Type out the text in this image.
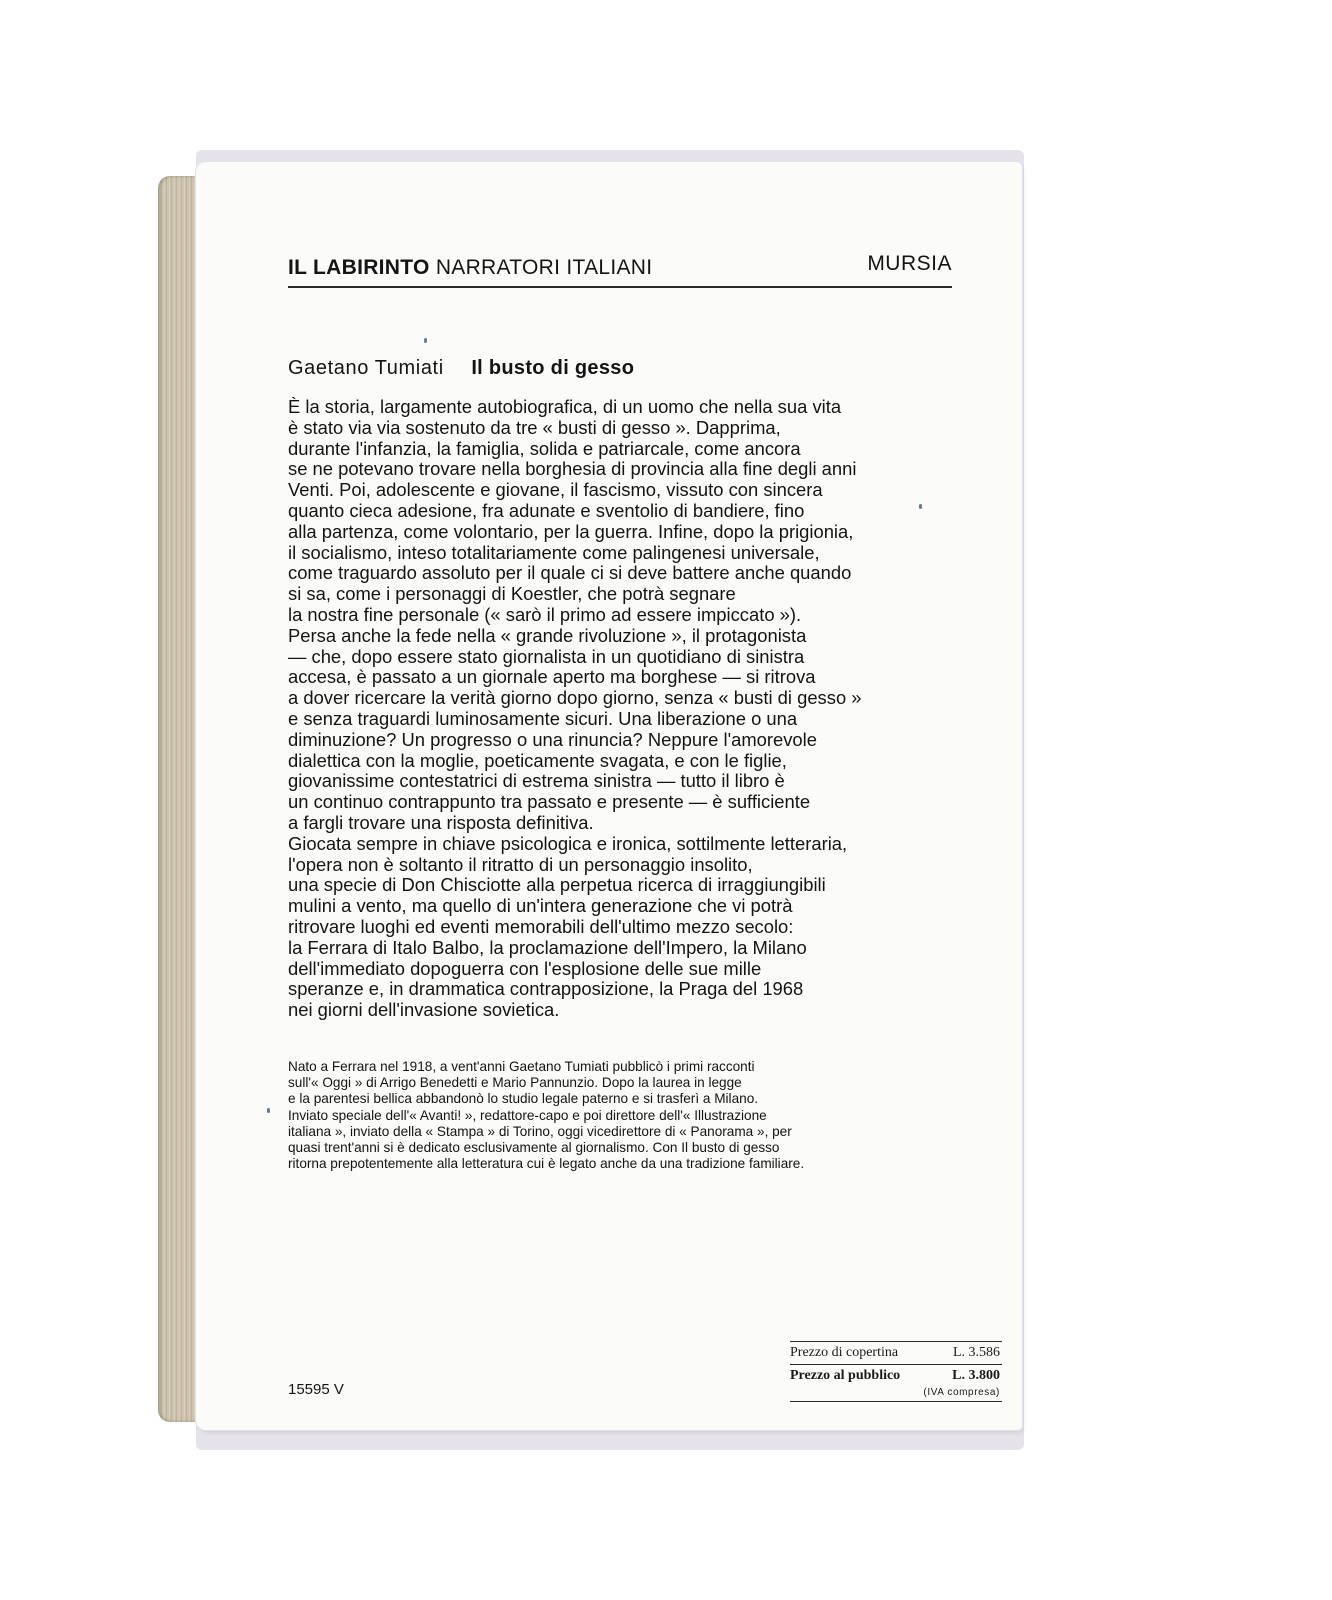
IL LABIRINTO NARRATORI ITALIANI	MURSIA
Gaetano Tumiati Il busto di gesso
È la storia, largamente autobiografica, di un uomo che nella sua vita
è stato via via sostenuto da tre « busti di gesso ». Dapprima,
durante l'infanzia, la famiglia, solida e patriarcale, come ancora
se ne potevano trovare nella borghesia di provincia alla fine degli anni
Venti. Poi, adolescente e giovane, il fascismo, vissuto con sincera
quanto cieca adesione, fra adunate e sventolio di bandiere, fino
alla partenza, come volontario, per la guerra. Infine, dopo la prigionia,
il socialismo, inteso totalitariamente come palingenesi universale,
come traguardo assoluto per il quale ci si deve battere anche quando
si sa, come i personaggi di Koestler, che potrà segnare
la nostra fine personale (« sarò il primo ad essere impiccato »).
Persa anche la fede nella « grande rivoluzione », il protagonista
— che, dopo essere stato giornalista in un quotidiano di sinistra
accesa, è passato a un giornale aperto ma borghese — si ritrova
a dover ricercare la verità giorno dopo giorno, senza « busti di gesso »
e senza traguardi luminosamente sicuri. Una liberazione o una
diminuzione? Un progresso o una rinuncia? Neppure l'amorevole
dialettica con la moglie, poeticamente svagata, e con le figlie,
giovanissime contestatrici di estrema sinistra — tutto il libro è
un continuo contrappunto tra passato e presente — è sufficiente
a fargli trovare una risposta definitiva.
Giocata sempre in chiave psicologica e ironica, sottilmente letteraria,
l'opera non è soltanto il ritratto di un personaggio insolito,
una specie di Don Chisciotte alla perpetua ricerca di irraggiungibili
mulini a vento, ma quello di un'intera generazione che vi potrà
ritrovare luoghi ed eventi memorabili dell'ultimo mezzo secolo:
la Ferrara di Italo Balbo, la proclamazione dell'Impero, la Milano
dell'immediato dopoguerra con l'esplosione delle sue mille
speranze e, in drammatica contrapposizione, la Praga del 1968
nei giorni dell'invasione sovietica.
Nato a Ferrara nel 1918, a vent'anni Gaetano Tumiati pubblicò i primi racconti
sull'« Oggi » di Arrigo Benedetti e Mario Pannunzio. Dopo la laurea in legge
e la parentesi bellica abbandonò lo studio legale paterno e si trasferì a Milano.
Inviato speciale dell'« Avanti! », redattore-capo e poi direttore dell'« Illustrazione
italiana », inviato della « Stampa » di Torino, oggi vicedirettore di « Panorama », per
quasi trent'anni si è dedicato esclusivamente al giornalismo. Con Il busto di gesso
ritorna prepotentemente alla letteratura cui è legato anche da una tradizione familiare.
15595 V
Prezzo di copertina	L. 3.586
Prezzo al pubblico	L. 3.800
(IVA compresa)
